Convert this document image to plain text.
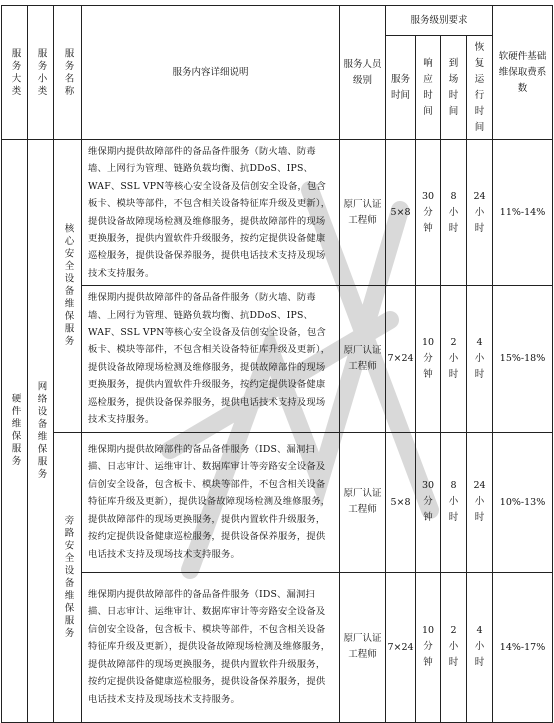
服务大类	服务小类	服务名称	服务内容详细说明	服务人员级别	服务级别要求				软硬件基础维保取费系数
					服务时间	响应时间	到场时间	恢复运行时间	

硬件维保服务	网络设备维保服务	核心安全设备维保服务	维保期内提供故障部件的备品备件服务（防火墙、防毒墙、上网行为管理、链路负载均衡、抗DDoS、IPS、WAF、SSL VPN等核心安全设备及信创安全设备，包含板卡、模块等部件，不包含相关设备特征库升级及更新），提供设备故障现场检测及维修服务，提供故障部件的现场更换服务，提供内置软件升级服务，按约定提供设备健康巡检服务，提供设备保养服务，提供电话技术支持及现场技术支持服务。	原厂认证工程师	5×8	30分钟	8小时	24小时	11%-14%
			维保期内提供故障部件的备品备件服务（防火墙、防毒墙、上网行为管理、链路负载均衡、抗DDoS、IPS、WAF、SSL VPN等核心安全设备及信创安全设备，包含板卡、模块等部件，不包含相关设备特征库升级及更新），提供设备故障现场检测及维修服务，提供故障部件的现场更换服务，提供内置软件升级服务，按约定提供设备健康巡检服务，提供设备保养服务，提供电话技术支持及现场技术支持服务。	原厂认证工程师	7×24	10分钟	2小时	4小时	15%-18%

		旁路安全设备维保服务	维保期内提供故障部件的备品备件服务（IDS、漏洞扫描、日志审计、运维审计、数据库审计等旁路安全设备及信创安全设备，包含板卡、模块等部件，不包含相关设备特征库升级及更新），提供设备故障现场检测及维修服务，提供故障部件的现场更换服务，提供内置软件升级服务，按约定提供设备健康巡检服务，提供设备保养服务，提供电话技术支持及现场技术支持服务。	原厂认证工程师	5×8	30分钟	8小时	24小时	10%-13%
			维保期内提供故障部件的备品备件服务（IDS、漏洞扫描、日志审计、运维审计、数据库审计等旁路安全设备及信创安全设备，包含板卡、模块等部件，不包含相关设备特征库升级及更新），提供设备故障现场检测及维修服务，提供故障部件的现场更换服务，提供内置软件升级服务，按约定提供设备健康巡检服务，提供设备保养服务，提供电话技术支持及现场技术支持服务。	原厂认证工程师	7×24	10分钟	2小时	4小时	14%-17%
